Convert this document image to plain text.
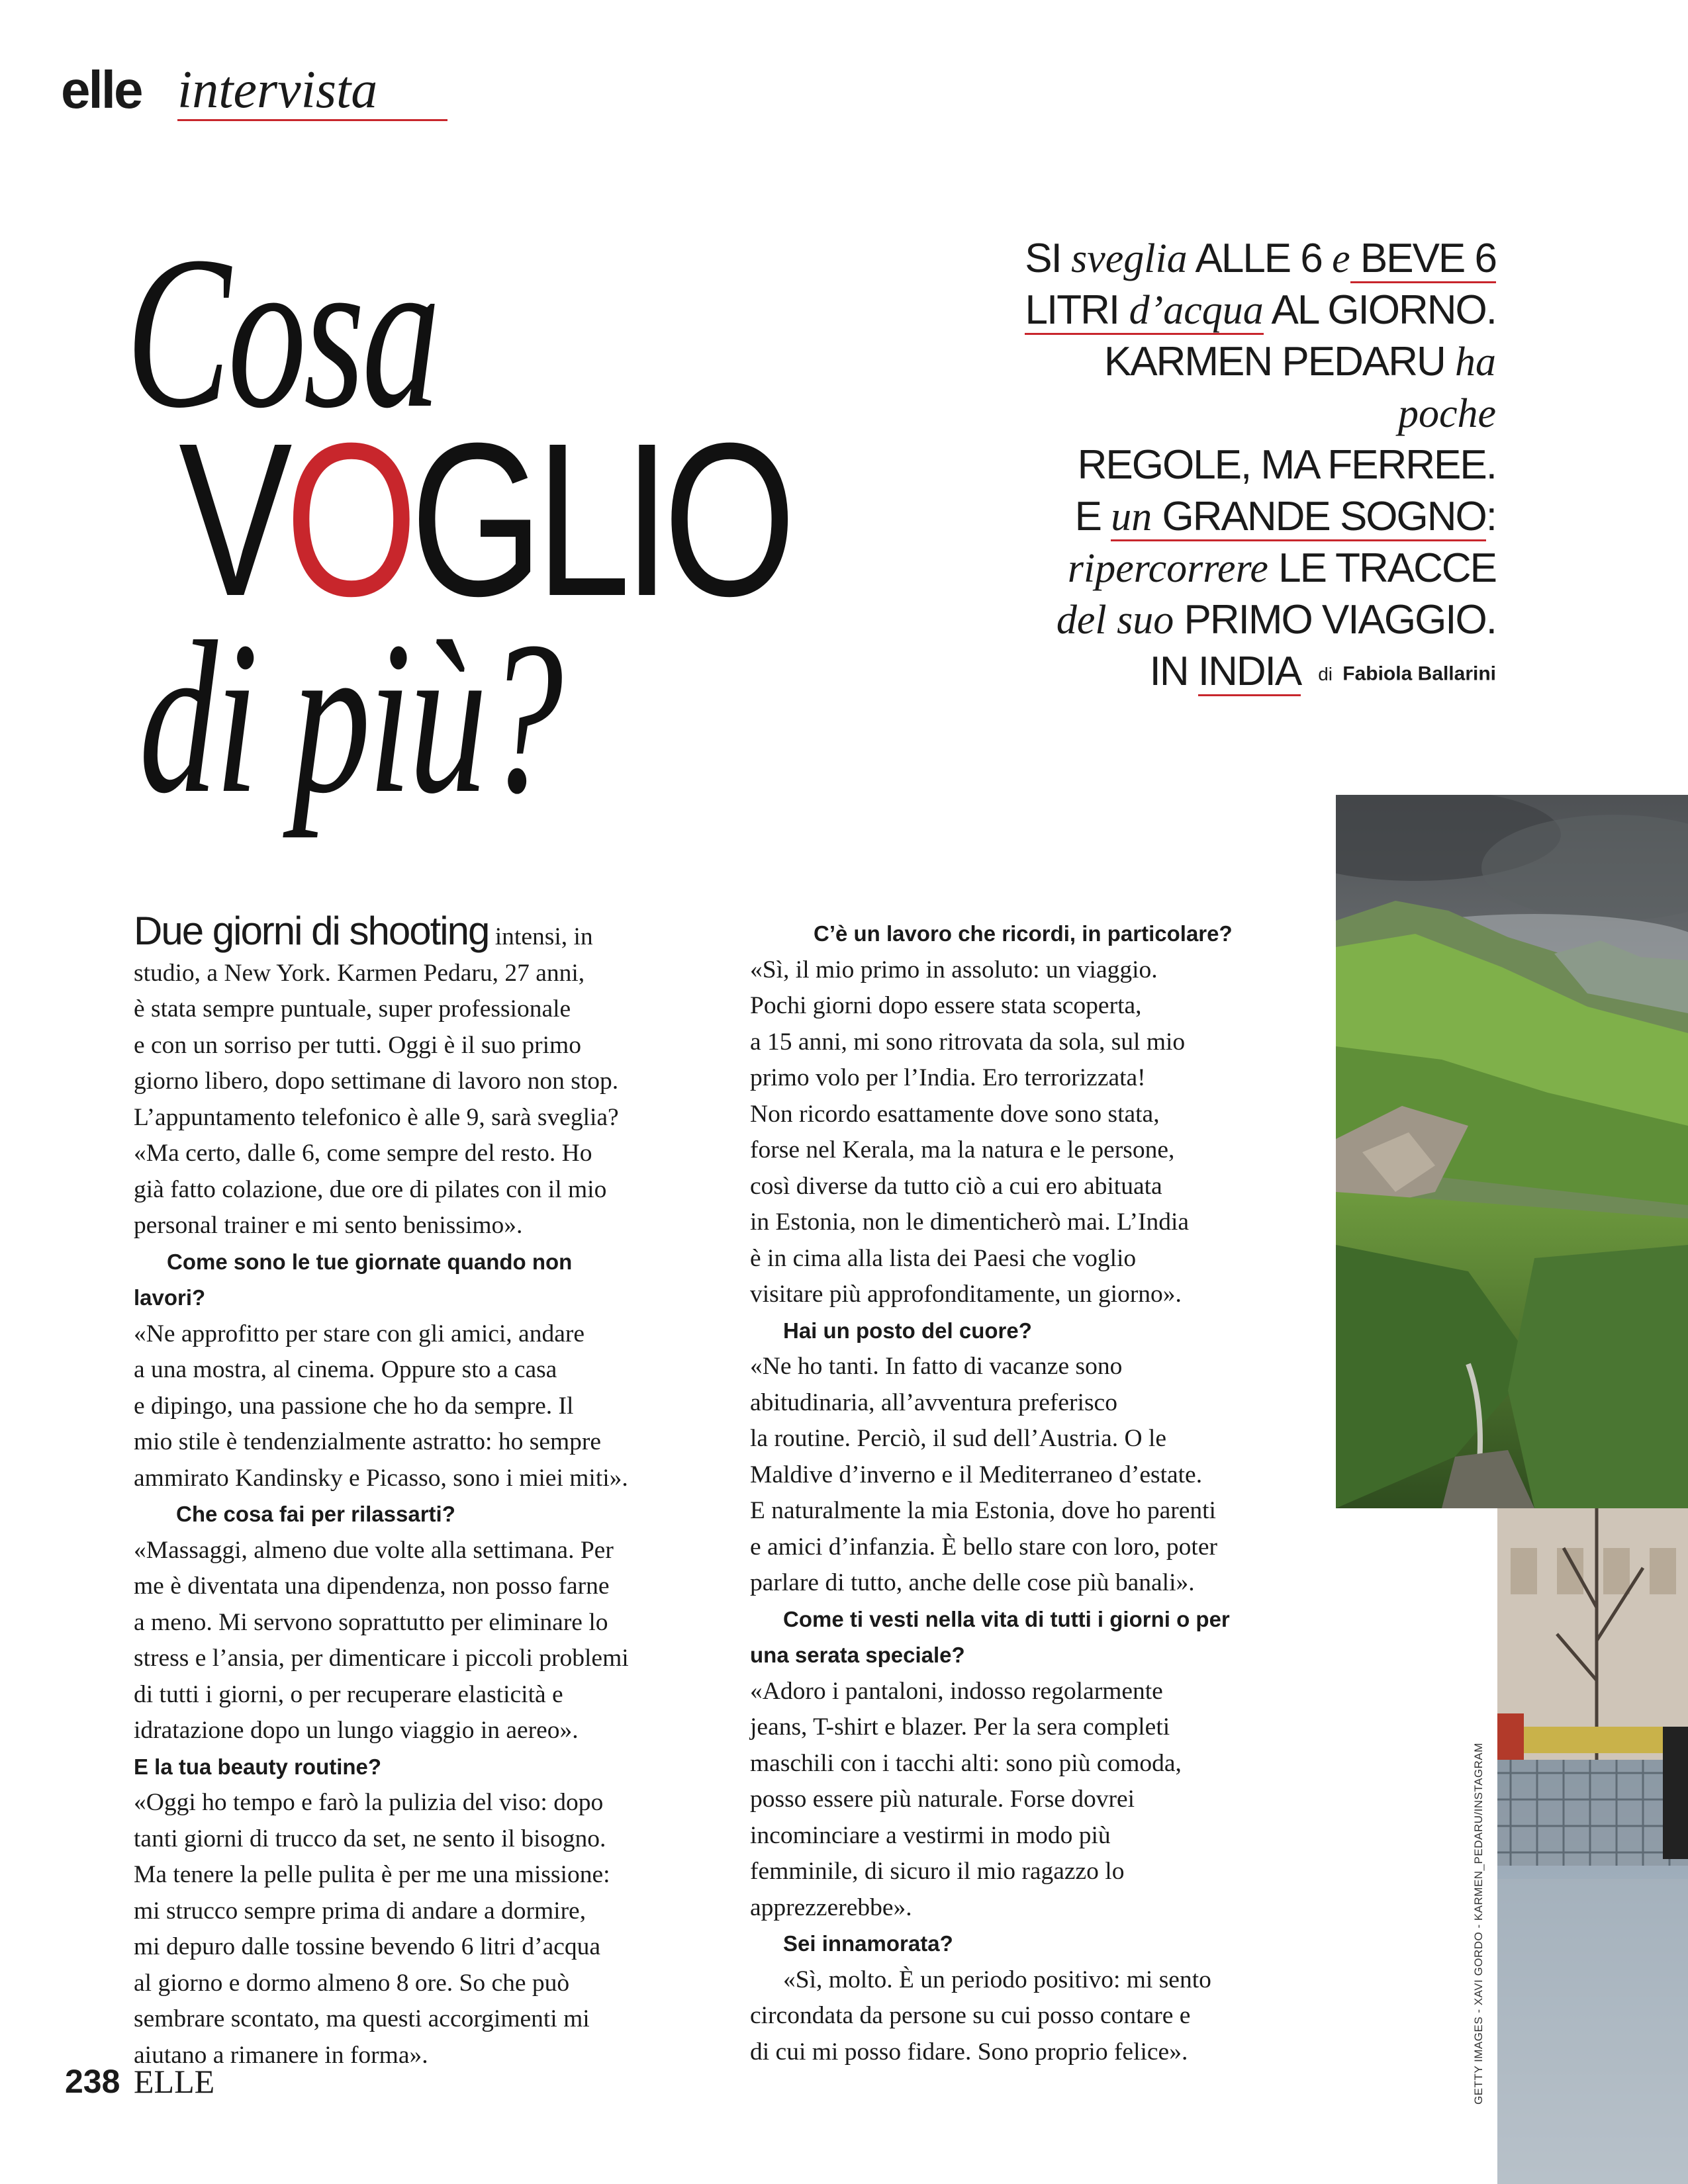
elle intervista
Cosa
VOGLIO
di più?
SI sveglia ALLE 6 e BEVE 6
LITRI d’acqua AL GIORNO.
KARMEN PEDARU ha poche
REGOLE, MA FERREE.
E un GRANDE SOGNO:
ripercorrere LE TRACCE
del suo PRIMO VIAGGIO.
IN INDIA di Fabiola Ballarini

Due giorni di shooting intensi, in

studio, a New York. Karmen Pedaru, 27 anni,

è stata sempre puntuale, super professionale

e con un sorriso per tutti. Oggi è il suo primo

giorno libero, dopo settimane di lavoro non stop.

L’appuntamento telefonico è alle 9, sarà sveglia?

«Ma certo, dalle 6, come sempre del resto. Ho

già fatto colazione, due ore di pilates con il mio

personal trainer e mi sento benissimo».

Come sono le tue giornate quando non

lavori?

«Ne approfitto per stare con gli amici, andare

a una mostra, al cinema. Oppure sto a casa

e dipingo, una passione che ho da sempre. Il

mio stile è tendenzialmente astratto: ho sempre

ammirato Kandinsky e Picasso, sono i miei miti».

Che cosa fai per rilassarti?

«Massaggi, almeno due volte alla settimana. Per

me è diventata una dipendenza, non posso farne

a meno. Mi servono soprattutto per eliminare lo

stress e l’ansia, per dimenticare i piccoli problemi

di tutti i giorni, o per recuperare elasticità e

idratazione dopo un lungo viaggio in aereo».

E la tua beauty routine?

«Oggi ho tempo e farò la pulizia del viso: dopo

tanti giorni di trucco da set, ne sento il bisogno.

Ma tenere la pelle pulita è per me una missione:

mi strucco sempre prima di andare a dormire,

mi depuro dalle tossine bevendo 6 litri d’acqua

al giorno e dormo almeno 8 ore. So che può

sembrare scontato, ma questi accorgimenti mi

aiutano a rimanere in forma».

C’è un lavoro che ricordi, in particolare?

«Sì, il mio primo in assoluto: un viaggio.

Pochi giorni dopo essere stata scoperta,

a 15 anni, mi sono ritrovata da sola, sul mio

primo volo per l’India. Ero terrorizzata!

Non ricordo esattamente dove sono stata,

forse nel Kerala, ma la natura e le persone,

così diverse da tutto ciò a cui ero abituata

in Estonia, non le dimenticherò mai. L’India

è in cima alla lista dei Paesi che voglio

visitare più approfonditamente, un giorno».

Hai un posto del cuore?

«Ne ho tanti. In fatto di vacanze sono

abitudinaria, all’avventura preferisco

la routine. Perciò, il sud dell’Austria. O le

Maldive d’inverno e il Mediterraneo d’estate.

E naturalmente la mia Estonia, dove ho parenti

e amici d’infanzia. È bello stare con loro, poter

parlare di tutto, anche delle cose più banali».

Come ti vesti nella vita di tutti i giorni o per

una serata speciale?

«Adoro i pantaloni, indosso regolarmente

jeans, T-shirt e blazer. Per la sera completi

maschili con i tacchi alti: sono più comoda,

posso essere più naturale. Forse dovrei

incominciare a vestirmi in modo più

femminile, di sicuro il mio ragazzo lo

apprezzerebbe».

Sei innamorata?

«Sì, molto. È un periodo positivo: mi sento

circondata da persone su cui posso contare e

di cui mi posso fidare. Sono proprio felice».	GETTY IMAGES - XAVI GORDO - KARMEN_PEDARU/INSTAGRAM
238 ELLE
